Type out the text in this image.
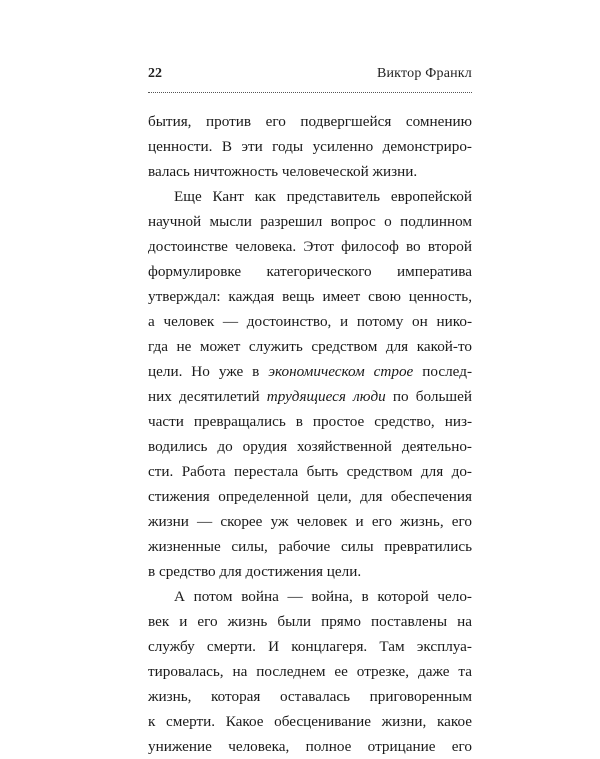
22	Виктор Франкл
бытия, против его подвергшейся сомнению
ценности. В эти годы усиленно демонстриро-
валась ничтожность человеческой жизни.
Еще Кант как представитель европейской
научной мысли разрешил вопрос о подлинном
достоинстве человека. Этот философ во второй
формулировке категорического императива
утверждал: каждая вещь имеет свою ценность,
а человек — достоинство, и потому он нико-
гда не может служить средством для какой-то
цели. Но уже в экономическом строе послед-
них десятилетий трудящиеся люди по большей
части превращались в простое средство, низ-
водились до орудия хозяйственной деятельно-
сти. Работа перестала быть средством для до-
стижения определенной цели, для обеспечения
жизни — скорее уж человек и его жизнь, его
жизненные силы, рабочие силы превратились
в средство для достижения цели.
А потом война — война, в которой чело-
век и его жизнь были прямо поставлены на
службу смерти. И концлагеря. Там эксплуа-
тировалась, на последнем ее отрезке, даже та
жизнь, которая оставалась приговоренным
к смерти. Какое обесценивание жизни, какое
унижение человека, полное отрицание его
